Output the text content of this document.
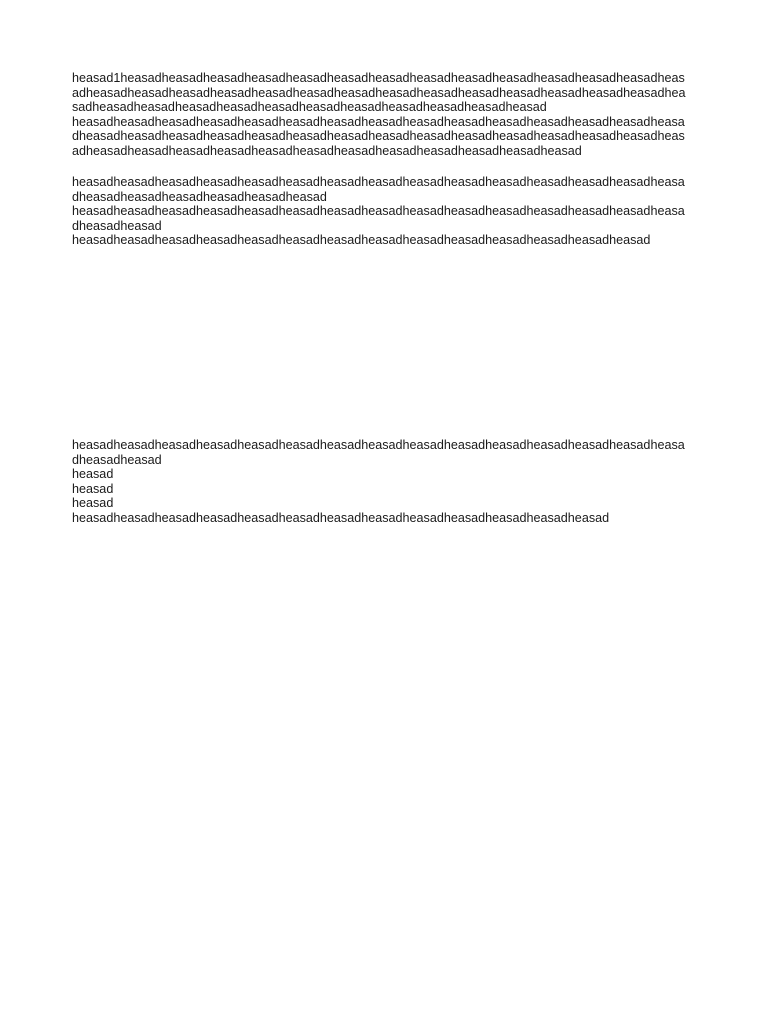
heasad1heasadheasadheasadheasadheasadheasadheasadheasadheasadheasadheasadheasadheasadheas
adheasadheasadheasadheasadheasadheasadheasadheasadheasadheasadheasadheasadheasadheasadhea
sadheasadheasadheasadheasadheasadheasadheasadheasadheasadheasadheasad
heasadheasadheasadheasadheasadheasadheasadheasadheasadheasadheasadheasadheasadheasadheasa
dheasadheasadheasadheasadheasadheasadheasadheasadheasadheasadheasadheasadheasadheasadheas
adheasadheasadheasadheasadheasadheasadheasadheasadheasadheasadheasadheasad
heasadheasadheasadheasadheasadheasadheasadheasadheasadheasadheasadheasadheasadheasadheasa
dheasadheasadheasadheasadheasadheasad
heasadheasadheasadheasadheasadheasadheasadheasadheasadheasadheasadheasadheasadheasadheasa
dheasadheasad
heasadheasadheasadheasadheasadheasadheasadheasadheasadheasadheasadheasadheasadheasad
heasadheasadheasadheasadheasadheasadheasadheasadheasadheasadheasadheasadheasadheasadheasa
dheasadheasad
heasad
heasad
heasad
heasadheasadheasadheasadheasadheasadheasadheasadheasadheasadheasadheasadheasad
